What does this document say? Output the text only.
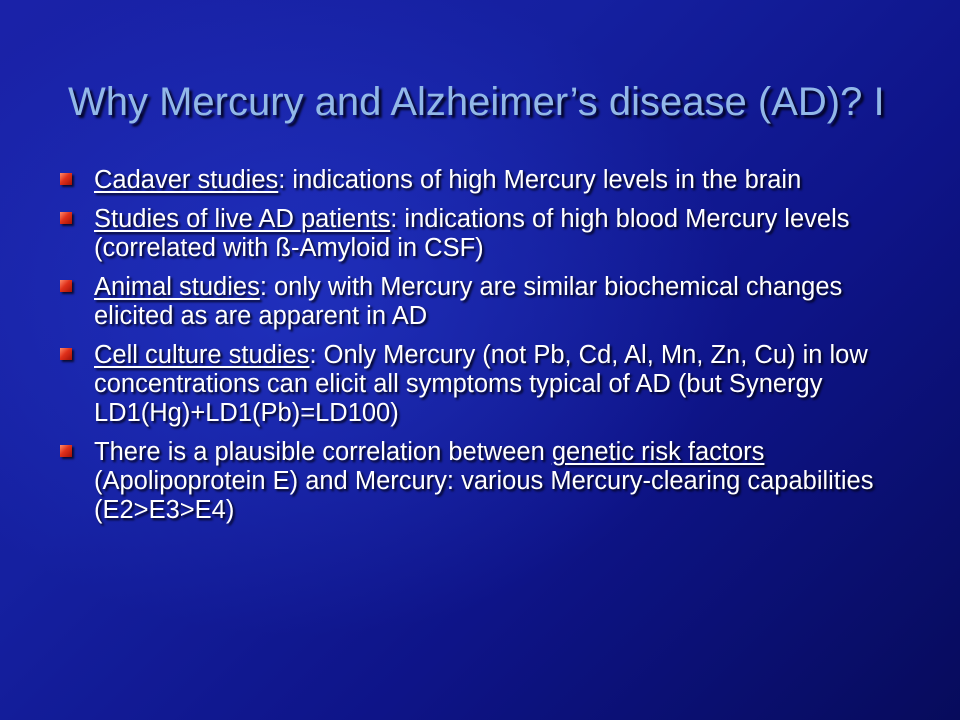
Why Mercury and Alzheimer’s disease (AD)? I
Cadaver studies: indications of high Mercury levels in the brain
Studies of live AD patients: indications of high blood Mercury levels (correlated with ß-Amyloid in CSF)
Animal studies: only with Mercury are similar biochemical changes elicited as are apparent in AD
Cell culture studies: Only Mercury (not Pb, Cd, Al, Mn, Zn, Cu) in low concentrations can elicit all symptoms typical of AD (but Synergy LD1(Hg)+LD1(Pb)=LD100)
There is a plausible correlation between genetic risk factors (Apolipoprotein E) and Mercury: various Mercury-clearing capabilities (E2>E3>E4)
